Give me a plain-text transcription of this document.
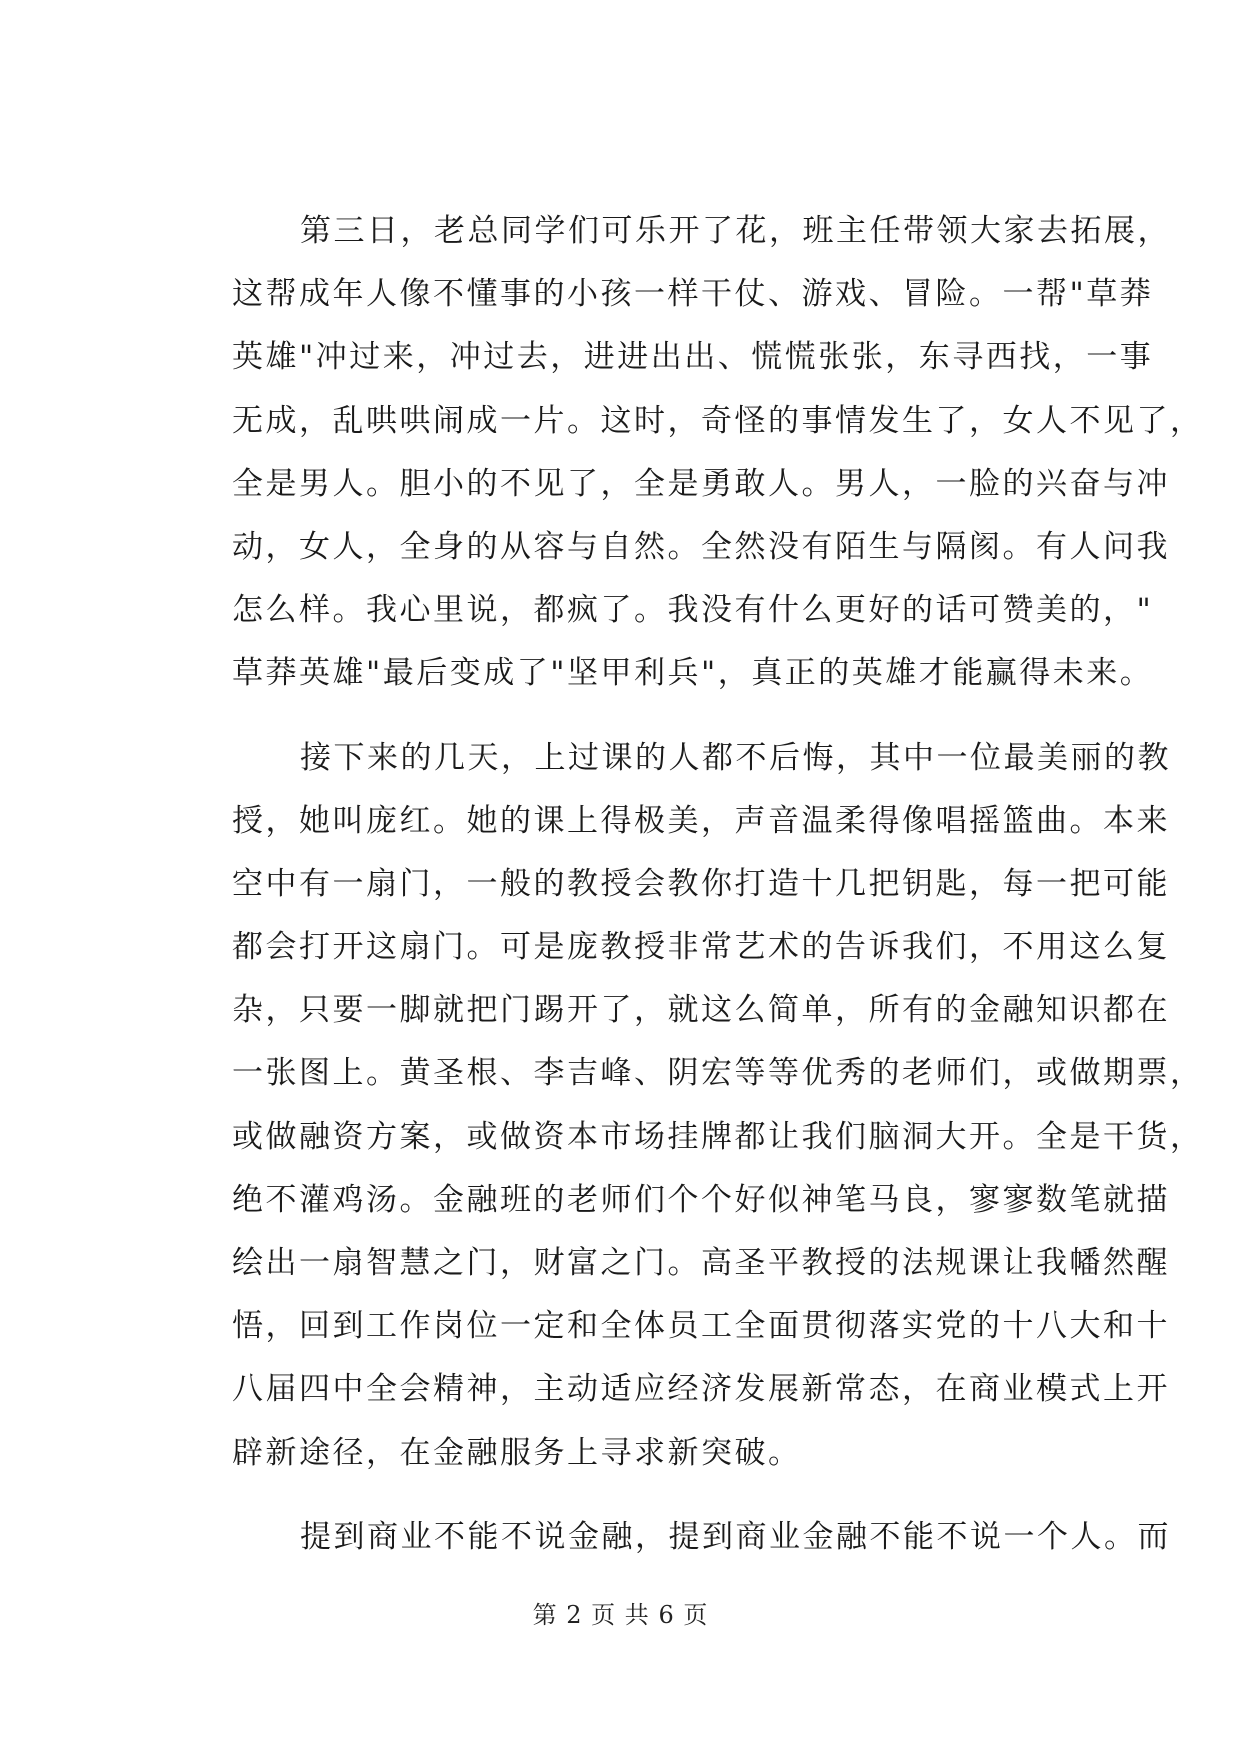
第三日，老总同学们可乐开了花，班主任带领大家去拓展，
这帮成年人像不懂事的小孩一样干仗、游戏、冒险。一帮"草莽
英雄"冲过来，冲过去，进进出出、慌慌张张，东寻西找，一事
无成，乱哄哄闹成一片。这时，奇怪的事情发生了，女人不见了，
全是男人。胆小的不见了，全是勇敢人。男人，一脸的兴奋与冲
动，女人，全身的从容与自然。全然没有陌生与隔阂。有人问我
怎么样。我心里说，都疯了。我没有什么更好的话可赞美的，"
草莽英雄"最后变成了"坚甲利兵"，真正的英雄才能赢得未来。
接下来的几天，上过课的人都不后悔，其中一位最美丽的教
授，她叫庞红。她的课上得极美，声音温柔得像唱摇篮曲。本来
空中有一扇门，一般的教授会教你打造十几把钥匙，每一把可能
都会打开这扇门。可是庞教授非常艺术的告诉我们，不用这么复
杂，只要一脚就把门踢开了，就这么简单，所有的金融知识都在
一张图上。黄圣根、李吉峰、阴宏等等优秀的老师们，或做期票，
或做融资方案，或做资本市场挂牌都让我们脑洞大开。全是干货，
绝不灌鸡汤。金融班的老师们个个好似神笔马良，寥寥数笔就描
绘出一扇智慧之门，财富之门。高圣平教授的法规课让我幡然醒
悟，回到工作岗位一定和全体员工全面贯彻落实党的十八大和十
八届四中全会精神，主动适应经济发展新常态，在商业模式上开
辟新途径，在金融服务上寻求新突破。
提到商业不能不说金融，提到商业金融不能不说一个人。而
第 2 页 共 6 页
